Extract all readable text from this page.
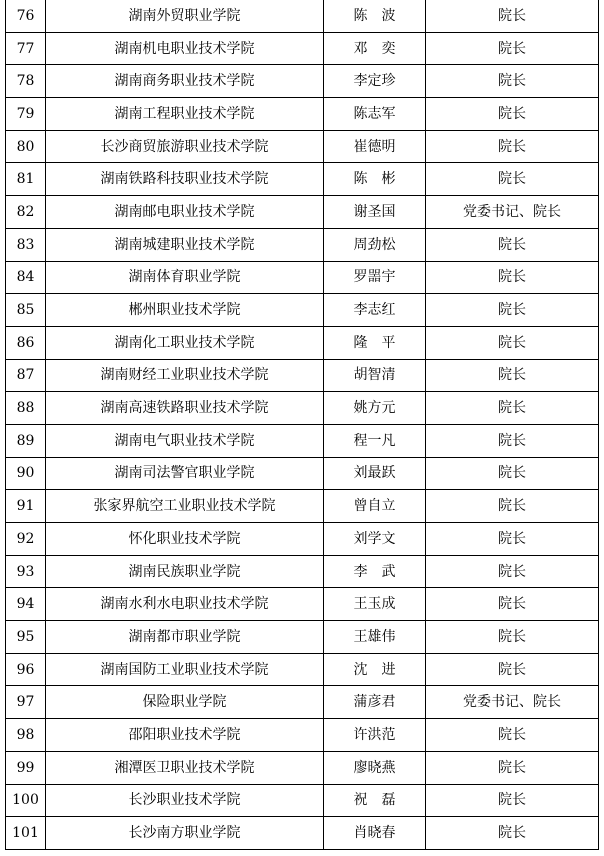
76	湖南外贸职业学院	陈　波	院长
77	湖南机电职业技术学院	邓　奕	院长
78	湖南商务职业技术学院	李定珍	院长
79	湖南工程职业技术学院	陈志军	院长
80	长沙商贸旅游职业技术学院	崔德明	院长
81	湖南铁路科技职业技术学院	陈　彬	院长
82	湖南邮电职业技术学院	谢圣国	党委书记、院长
83	湖南城建职业技术学院	周劲松	院长
84	湖南体育职业学院	罗噐宇	院长
85	郴州职业技术学院	李志红	院长
86	湖南化工职业技术学院	隆　平	院长
87	湖南财经工业职业技术学院	胡智清	院长
88	湖南高速铁路职业技术学院	姚方元	院长
89	湖南电气职业技术学院	程一凡	院长
90	湖南司法警官职业学院	刘最跃	院长
91	张家界航空工业职业技术学院	曾自立	院长
92	怀化职业技术学院	刘学文	院长
93	湖南民族职业学院	李　武	院长
94	湖南水利水电职业技术学院	王玉成	院长
95	湖南都市职业学院	王雄伟	院长
96	湖南国防工业职业技术学院	沈　进	院长
97	保险职业学院	蒲彦君	党委书记、院长
98	邵阳职业技术学院	许洪范	院长
99	湘潭医卫职业技术学院	廖晓燕	院长
100	长沙职业技术学院	祝　磊	院长
101	长沙南方职业学院	肖晓春	院长
